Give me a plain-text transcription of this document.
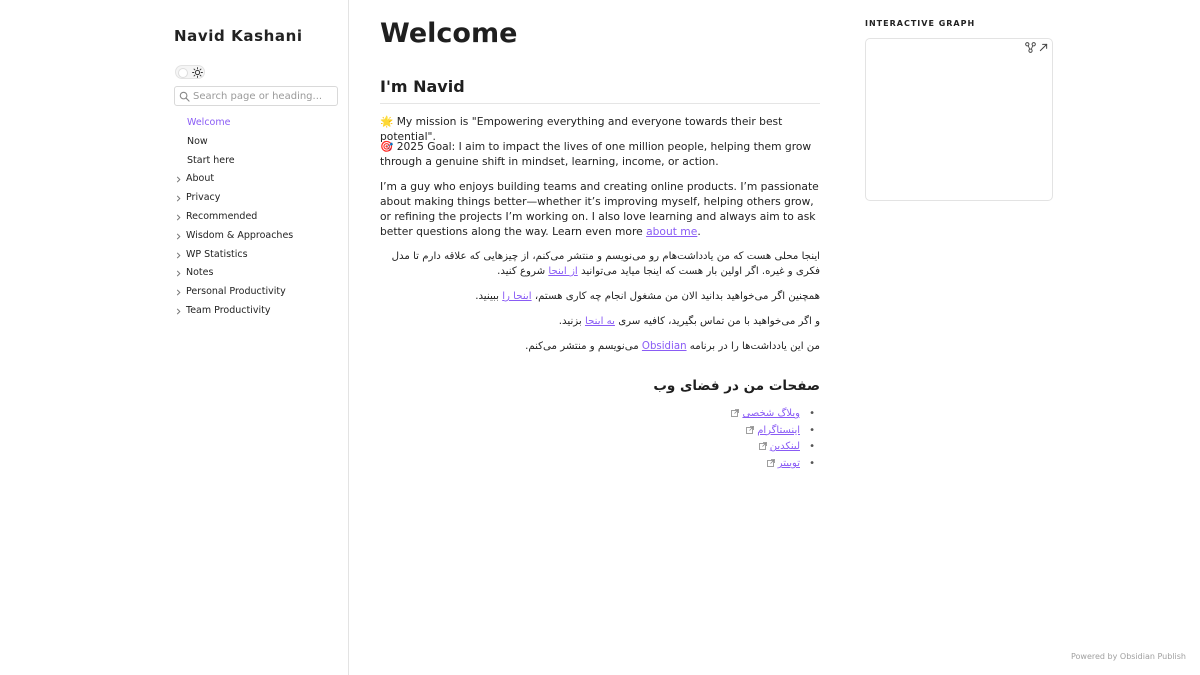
Navid Kashani
Search page or heading...
Welcome
Now
Start here
About
Privacy
Recommended
Wisdom & Approaches
WP Statistics
Notes
Personal Productivity
Team Productivity
Welcome
I'm Navid
🌟 My mission is "Empowering everything and everyone towards their best potential".
🎯 2025 Goal: I aim to impact the lives of one million people, helping them grow through a genuine shift in mindset, learning, income, or action.
I’m a guy who enjoys building teams and creating online products. I’m passionate about making things better—whether it’s improving myself, helping others grow, or refining the projects I’m working on. I also love learning and always aim to ask better questions along the way. Learn even more about me.
اینجا محلی هست که من یادداشت‌هام رو می‌نویسم و منتشر می‌کنم، از چیزهایی که علاقه دارم تا مدل فکری و غیره. اگر اولین بار هست که اینجا میاید می‌توانید از اینجا شروع کنید.
همچنین اگر می‌خواهید بدانید الان من مشغول انجام چه کاری هستم، اینجا را ببینید.
و اگر می‌خواهید با من تماس بگیرید، کافیه سری به اینجا بزنید.
من این یادداشت‌ها را در برنامه Obsidian می‌نویسم و منتشر می‌کنم.
صفحات من در فضای وب
• وبلاگ شخصی
• اینستاگرام
• لینکدین
• توییتر
INTERACTIVE GRAPH
Powered by Obsidian Publish
